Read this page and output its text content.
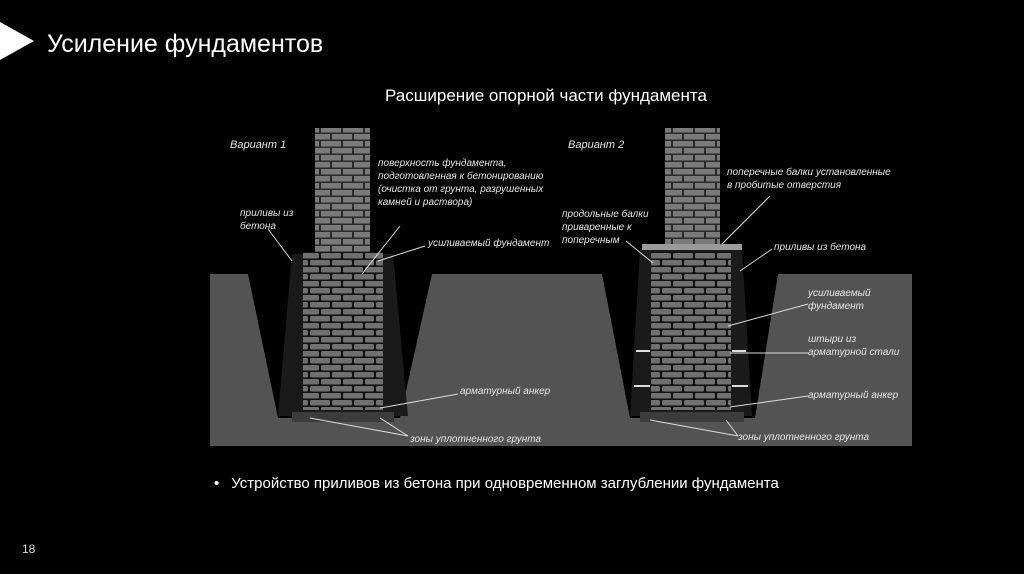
Усиление фундаментов
Расширение опорной части фундамента
Вариант 1
поверхность фундамента,
подготовленная к бетонированию
(очистка от грунта, разрушенных
камней и раствора)
приливы из
бетона
усиливаемый фундамент
арматурный анкер
зоны уплотненного грунта
Вариант 2
поперечные балки установленные
в пробитые отверстия
продольные балки
приваренные к
поперечным
приливы из бетона
усиливаемый
фундамент
штыри из
арматурной стали
арматурный анкер
зоны уплотненного грунта
• Устройство приливов из бетона при одновременном заглублении фундамента
18
